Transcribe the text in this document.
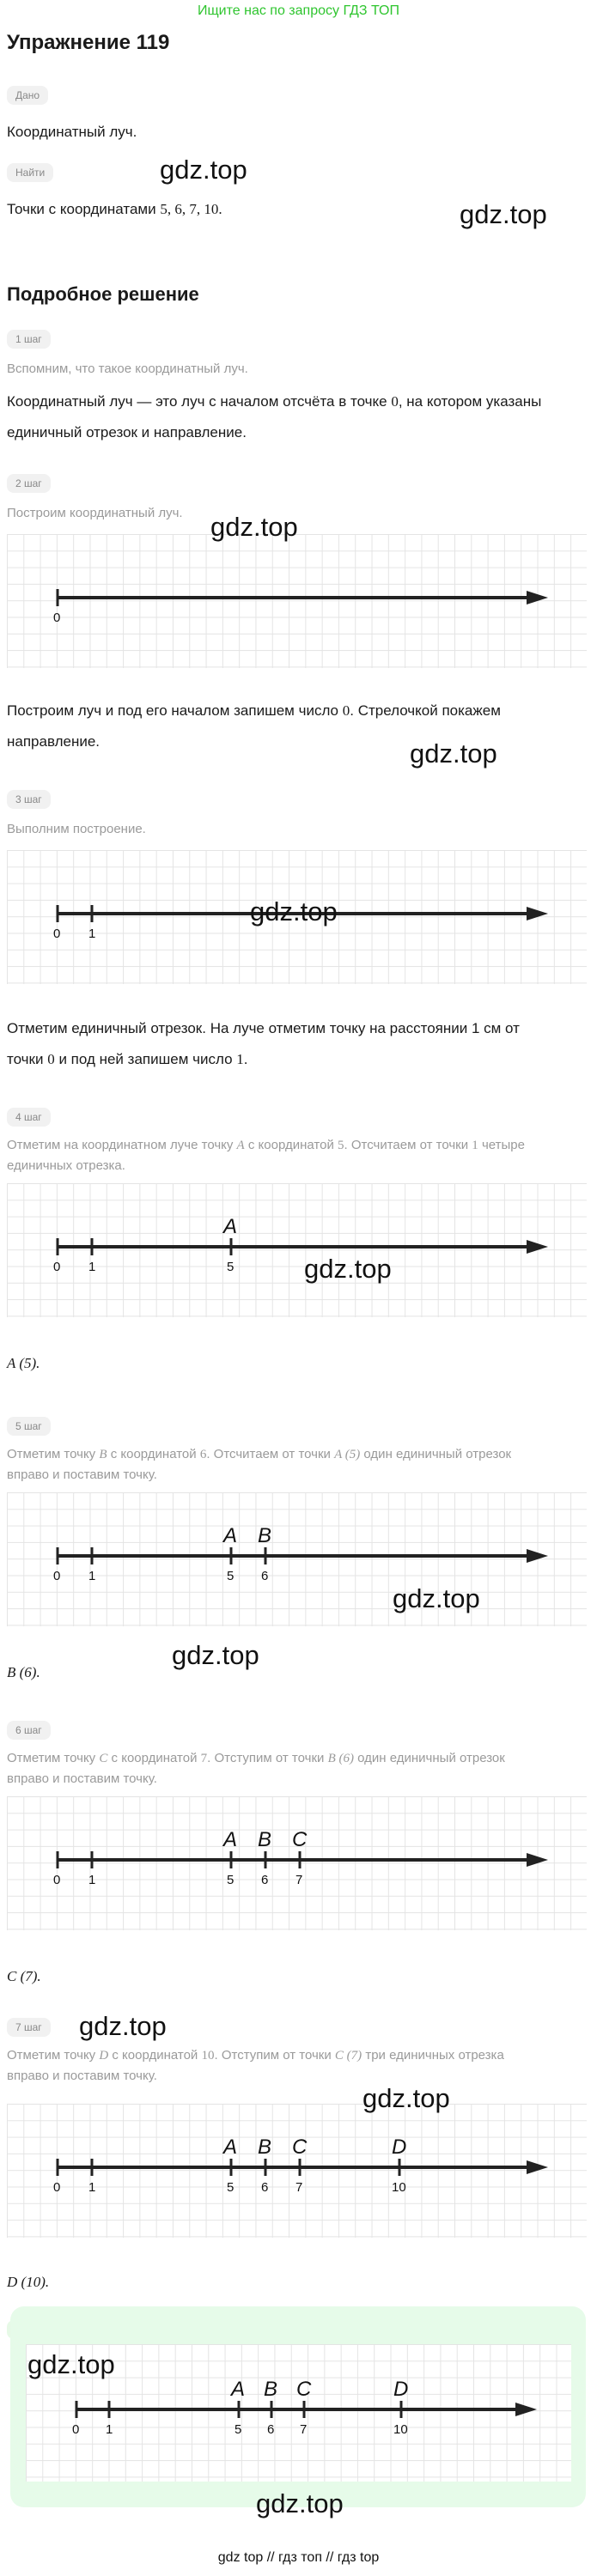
Ищите нас по запросу ГДЗ ТОП
Упражнение 119
Дано
Координатный луч.
Найти
Точки с координатами 5, 6, 7, 10.
Подробное решение
1 шаг
Вспомним, что такое координатный луч.
Координатный луч — это луч с началом отсчёта в точке 0, на котором указаны
единичный отрезок и направление.
2 шаг
Построим координатный луч.
0
Построим луч и под его началом запишем число 0. Стрелочкой покажем
направление.
3 шаг
Выполним построение.
0 1
Отметим единичный отрезок. На луче отметим точку на расстоянии 1 см от
точки 0 и под ней запишем число 1.
4 шаг
Отметим на координатном луче точку A с координатой 5. Отсчитаем от точки 1 четыре
единичных отрезка.
0 1	5
A
A (5).
5 шаг
Отметим точку B с координатой 6. Отсчитаем от точки A (5) один единичный отрезок
вправо и поставим точку.
0 1	5 6
A B
B (6).
6 шаг
Отметим точку C с координатой 7. Отступим от точки B (6) один единичный отрезок
вправо и поставим точку.
0 1	5 6 7
A B C
C (7).
7 шаг
Отметим точку D с координатой 10. Отступим от точки C (7) три единичных отрезка
вправо и поставим точку.
0 1	5 6 7	10
A B C	D
D (10).
0 1	5 6 7	10
A B C	D
gdz.top
gdz.top
gdz.top
gdz.top
gdz.top
gdz.top
gdz.top
gdz.top
gdz.top
gdz.top
gdz.top
gdz.top
gdz top // гдз топ // гдз top
